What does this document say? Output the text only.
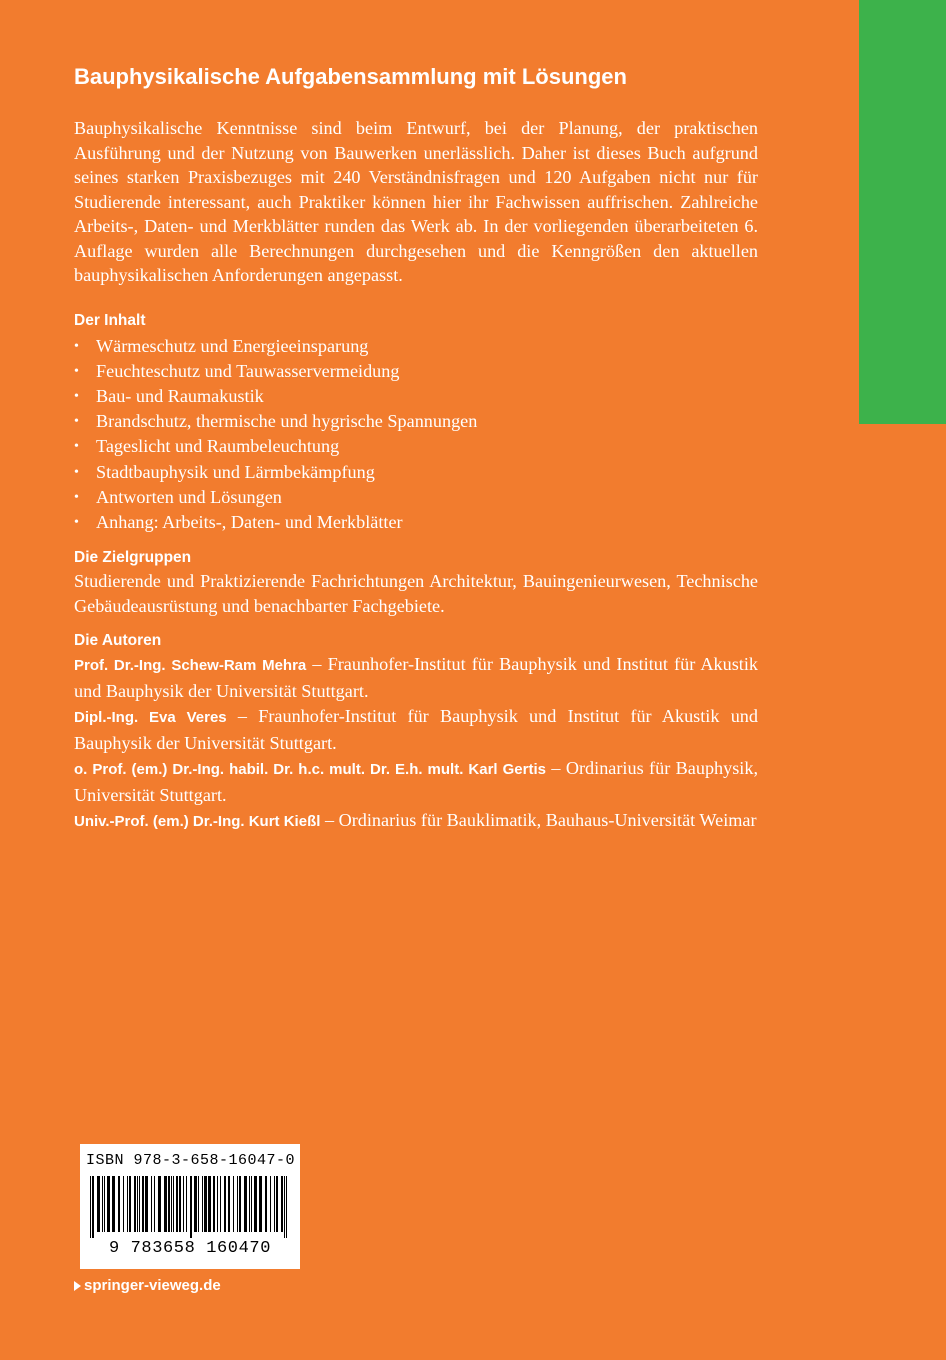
Bauphysikalische Aufgabensammlung mit Lösungen

Bauphysikalische Kenntnisse sind beim Entwurf, bei der Planung, der praktischen Ausführung und der Nutzung von Bauwerken unerlässlich. Daher ist dieses Buch aufgrund seines starken Praxisbezuges mit 240 Verständnisfragen und 120 Aufgaben nicht nur für Studierende interessant, auch Praktiker können hier ihr Fachwissen auffrischen. Zahlreiche Arbeits-, Daten- und Merkblätter runden das Werk ab. In der vorliegenden überarbeiteten 6. Auflage wurden alle Berechnungen durchgesehen und die Kenngrößen den aktuellen bauphysikalischen Anforderungen angepasst.

Der Inhalt

• Wärmeschutz und Energieeinsparung
• Feuchteschutz und Tauwasservermeidung
• Bau- und Raumakustik
• Brandschutz, thermische und hygrische Spannungen
• Tageslicht und Raumbeleuchtung
• Stadtbauphysik und Lärmbekämpfung
• Antworten und Lösungen
• Anhang: Arbeits-, Daten- und Merkblätter

Die Zielgruppen

Studierende und Praktizierende Fachrichtungen Architektur, Bauingenieurwesen, Technische Gebäudeausrüstung und benachbarter Fachgebiete.

Die Autoren

Prof. Dr.-Ing. Schew-Ram Mehra – Fraunhofer-Institut für Bauphysik und Institut für Akustik und Bauphysik der Universität Stuttgart.

Dipl.-Ing. Eva Veres – Fraunhofer-Institut für Bauphysik und Institut für Akustik und Bauphysik der Universität Stuttgart.

o. Prof. (em.) Dr.-Ing. habil. Dr. h.c. mult. Dr. E.h. mult. Karl Gertis – Ordinarius für Bauphysik, Universität Stuttgart.

Univ.-Prof. (em.) Dr.-Ing. Kurt Kießl – Ordinarius für Bauklimatik, Bauhaus-Universität Weimar

ISBN 978-3-658-16047-0
9 783658 160470
springer-vieweg.de
